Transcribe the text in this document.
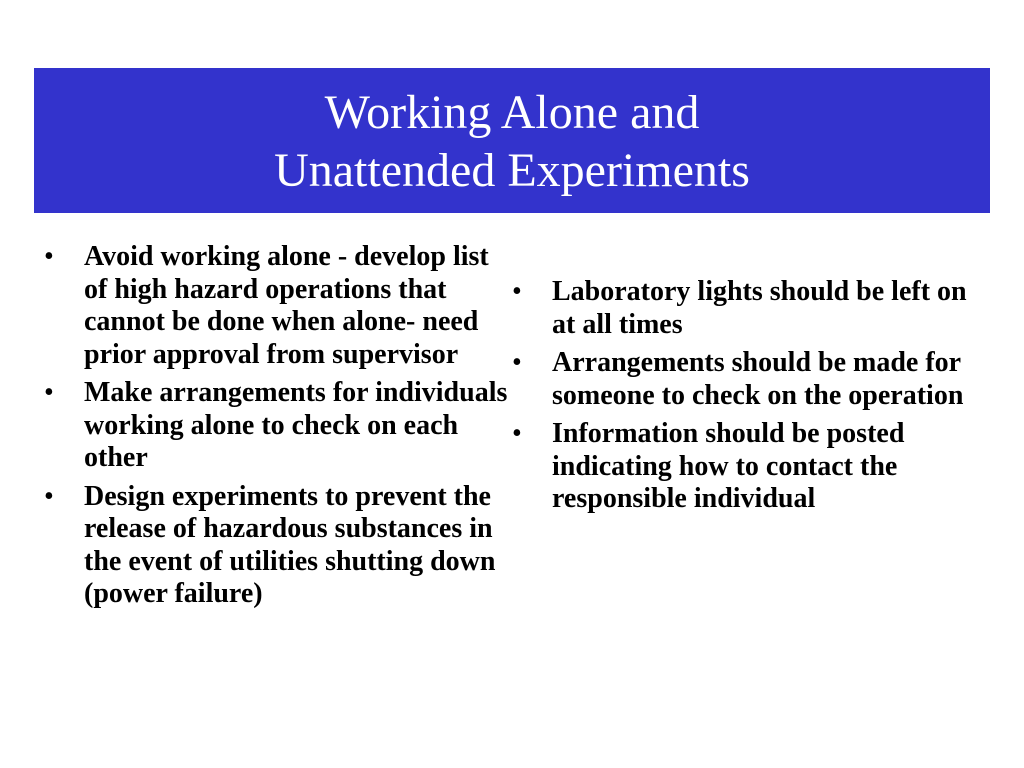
Working Alone and
Unattended Experiments
• Avoid working alone - develop list of high hazard operations that cannot be done when alone- need prior approval from supervisor
• Make arrangements for individuals working alone to check on each other
• Design experiments to prevent the release of hazardous substances in the event of utilities shutting down (power failure)
• Laboratory lights should be left on at all times
• Arrangements should be made for someone to check on the operation
• Information should be posted indicating how to contact the responsible individual
